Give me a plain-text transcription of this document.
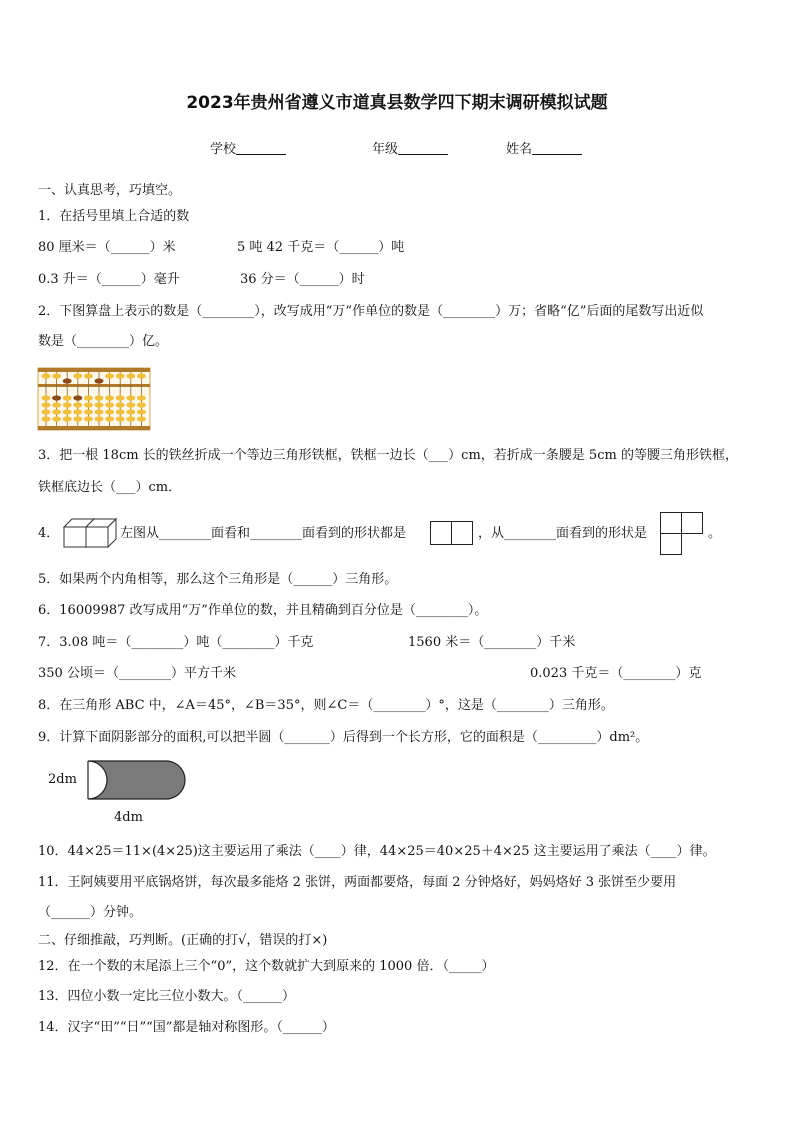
2023年贵州省遵义市道真县数学四下期末调研模拟试题
学校	年级	姓名
一、认真思考，巧填空。
1．在括号里填上合适的数
80 厘米＝（______）米	5 吨 42 千克＝（______）吨
0.3 升＝（______）毫升	36 分＝（______）时
2．下图算盘上表示的数是（________），改写成用“万”作单位的数是（________）万；省略“亿”后面的尾数写出近似
数是（________）亿。
3．把一根 18cm 长的铁丝折成一个等边三角形铁框，铁框一边长（___）cm，若折成一条腰是 5cm 的等腰三角形铁框，
铁框底边长（___）cm．
4．	左图从________面看和________面看到的形状都是	，从________面看到的形状是	。
5．如果两个内角相等，那么这个三角形是（______）三角形。
6．16009987 改写成用“万”作单位的数，并且精确到百分位是（________）。
7．3.08 吨＝（________）吨（________）千克	1560 米＝（________）千米
350 公顷＝（________）平方千米	0.023 千克＝（________）克
8．在三角形 ABC 中，∠A＝45°，∠B＝35°，则∠C＝（________）°，这是（________）三角形。
9．计算下面阴影部分的面积,可以把半圆（_______）后得到一个长方形，它的面积是（_________）dm²。
2dm
4dm
10．44×25＝11×(4×25)这主要运用了乘法（____）律，44×25＝40×25＋4×25 这主要运用了乘法（____）律。
11．王阿姨要用平底锅烙饼，每次最多能烙 2 张饼，两面都要烙，每面 2 分钟烙好，妈妈烙好 3 张饼至少要用
（______）分钟。
二、仔细推敲，巧判断。(正确的打√，错误的打×)
12．在一个数的末尾添上三个“0”，这个数就扩大到原来的 1000 倍．（_____）
13．四位小数一定比三位小数大。（______）
14．汉字“田”“日”“国”都是轴对称图形。（______）
